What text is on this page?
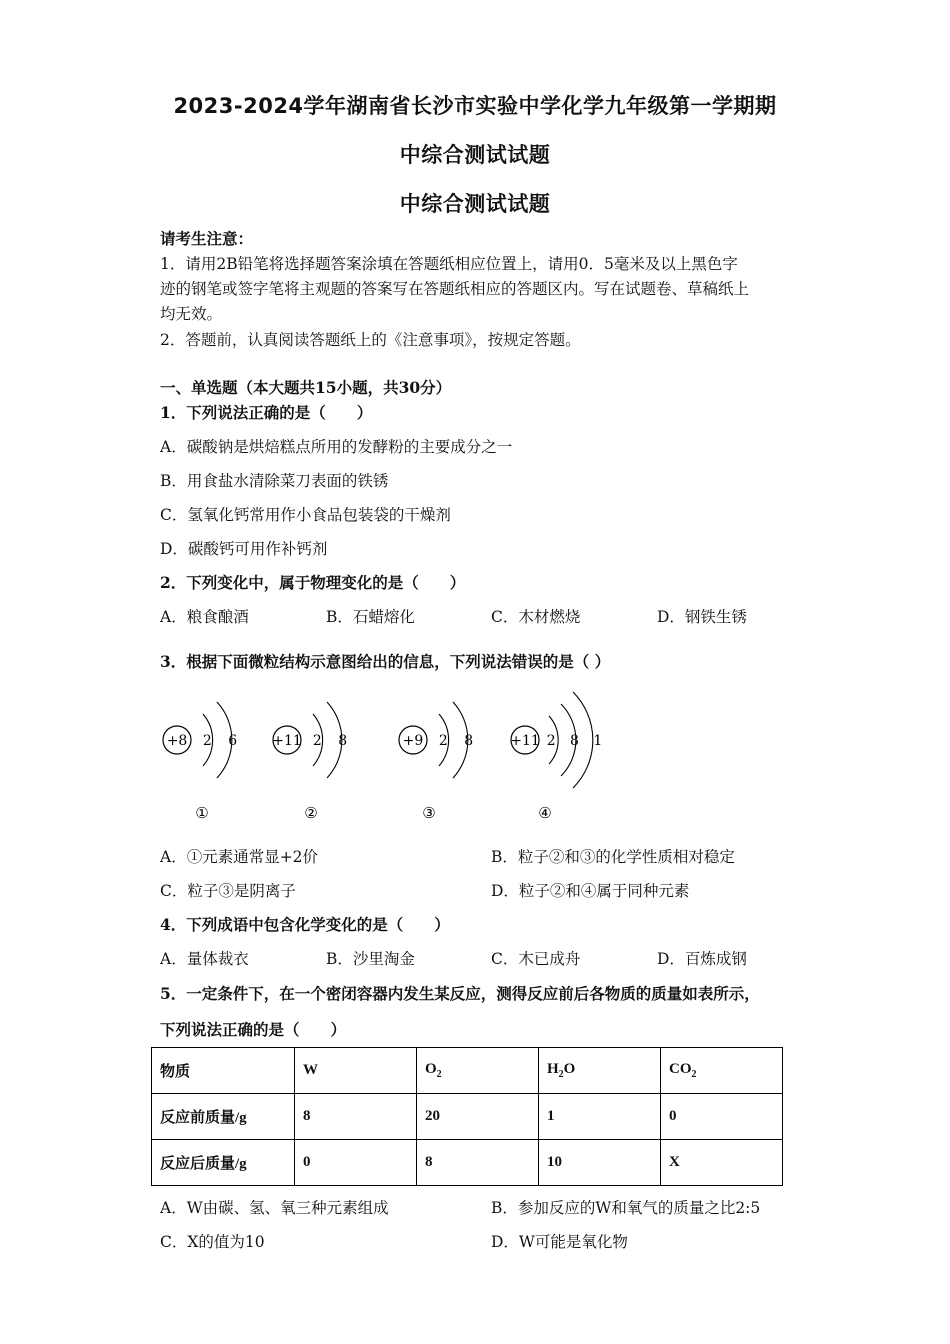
2023-2024学年湖南省长沙市实验中学化学九年级第一学期期
中综合测试试题
中综合测试试题
请考生注意：
1．请用2B铅笔将选择题答案涂填在答题纸相应位置上，请用0．5毫米及以上黑色字
迹的钢笔或签字笔将主观题的答案写在答题纸相应的答题区内。写在试题卷、草稿纸上
均无效。
2．答题前，认真阅读答题纸上的《注意事项》，按规定答题。
一、单选题（本大题共15小题，共30分）
1．下列说法正确的是（　　）
A．碳酸钠是烘焙糕点所用的发酵粉的主要成分之一
B．用食盐水清除菜刀表面的铁锈
C．氢氧化钙常用作小食品包装袋的干燥剂
D．碳酸钙可用作补钙剂
2．下列变化中，属于物理变化的是（　　）
A．粮食酿酒	B．石蜡熔化	C．木材燃烧	D．钢铁生锈
3．根据下面微粒结构示意图给出的信息，下列说法错误的是（ ）
+8 2 6
①
+11 2 8
②
+9 2 8
③
+11 2 8 1
④
A．①元素通常显+2价	B．粒子②和③的化学性质相对稳定
C．粒子③是阴离子	D．粒子②和④属于同种元素
4．下列成语中包含化学变化的是（　　）
A．量体裁衣	B．沙里淘金	C．木已成舟	D．百炼成钢
5．一定条件下，在一个密闭容器内发生某反应，测得反应前后各物质的质量如表所示，
下列说法正确的是（　　）
物质	W	$O_2$	$H_2O$	$CO_2$
反应前质量/g	8	20	1	0
反应后质量/g	0	8	10	X
A．W由碳、氢、氧三种元素组成	B．参加反应的W和氧气的质量之比2:5
C．X的值为10	D．W可能是氧化物
